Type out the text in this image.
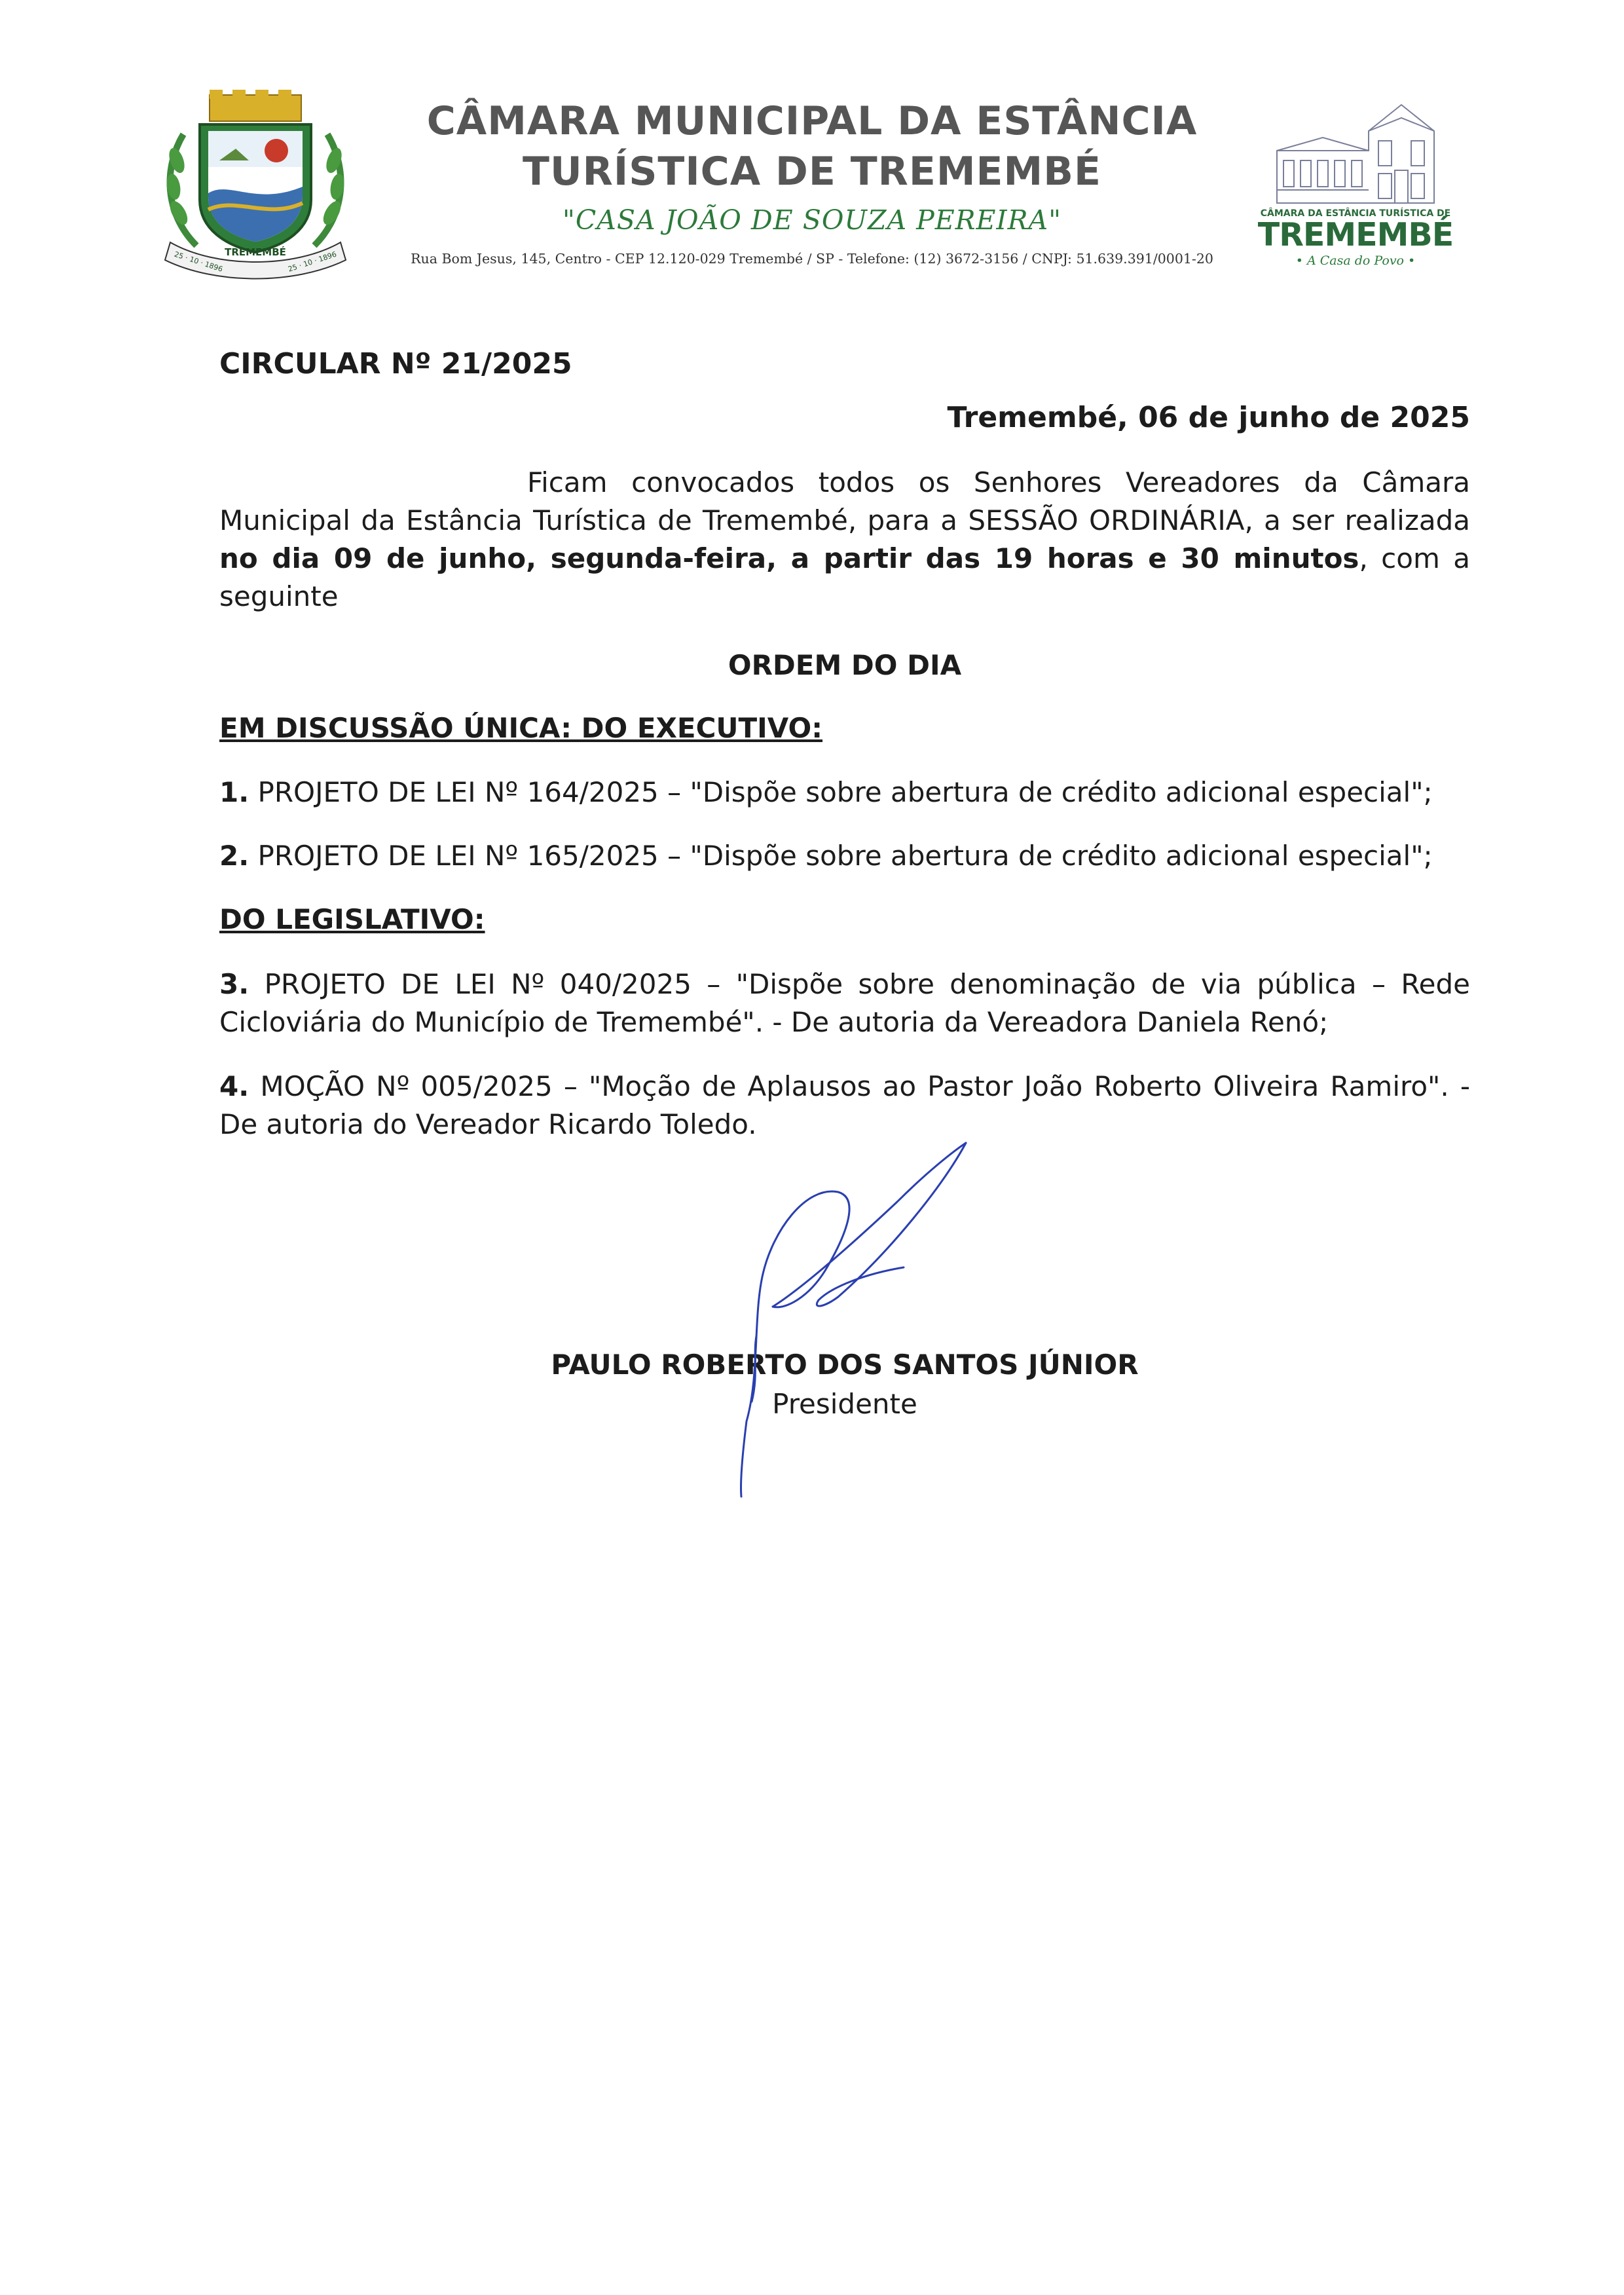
TREMEMBÉ
25 · 10 · 1896	25 · 10 · 1896
CÂMARA MUNICIPAL DA ESTÂNCIA
TURÍSTICA DE TREMEMBÉ
"CASA JOÃO DE SOUZA PEREIRA"
Rua Bom Jesus, 145, Centro - CEP 12.120-029 Tremembé / SP - Telefone: (12) 3672-3156 / CNPJ: 51.639.391/0001-20
CÂMARA DA ESTÂNCIA TURÍSTICA DE
TREMEMBÉ
• A Casa do Povo •
CIRCULAR Nº 21/2025
Tremembé, 06 de junho de 2025
Ficam convocados todos os Senhores Vereadores da Câmara Municipal da Estância Turística de Tremembé, para a SESSÃO ORDINÁRIA, a ser realizada no dia 09 de junho, segunda-feira, a partir das 19 horas e 30 minutos, com a seguinte
ORDEM DO DIA
EM DISCUSSÃO ÚNICA: DO EXECUTIVO:
1. PROJETO DE LEI Nº 164/2025 – "Dispõe sobre abertura de crédito adicional especial";
2. PROJETO DE LEI Nº 165/2025 – "Dispõe sobre abertura de crédito adicional especial";
DO LEGISLATIVO:
3. PROJETO DE LEI Nº 040/2025 – "Dispõe sobre denominação de via pública – Rede Cicloviária do Município de Tremembé". - De autoria da Vereadora Daniela Renó;
4. MOÇÃO Nº 005/2025 – "Moção de Aplausos ao Pastor João Roberto Oliveira Ramiro". - De autoria do Vereador Ricardo Toledo.
PAULO ROBERTO DOS SANTOS JÚNIOR
Presidente
